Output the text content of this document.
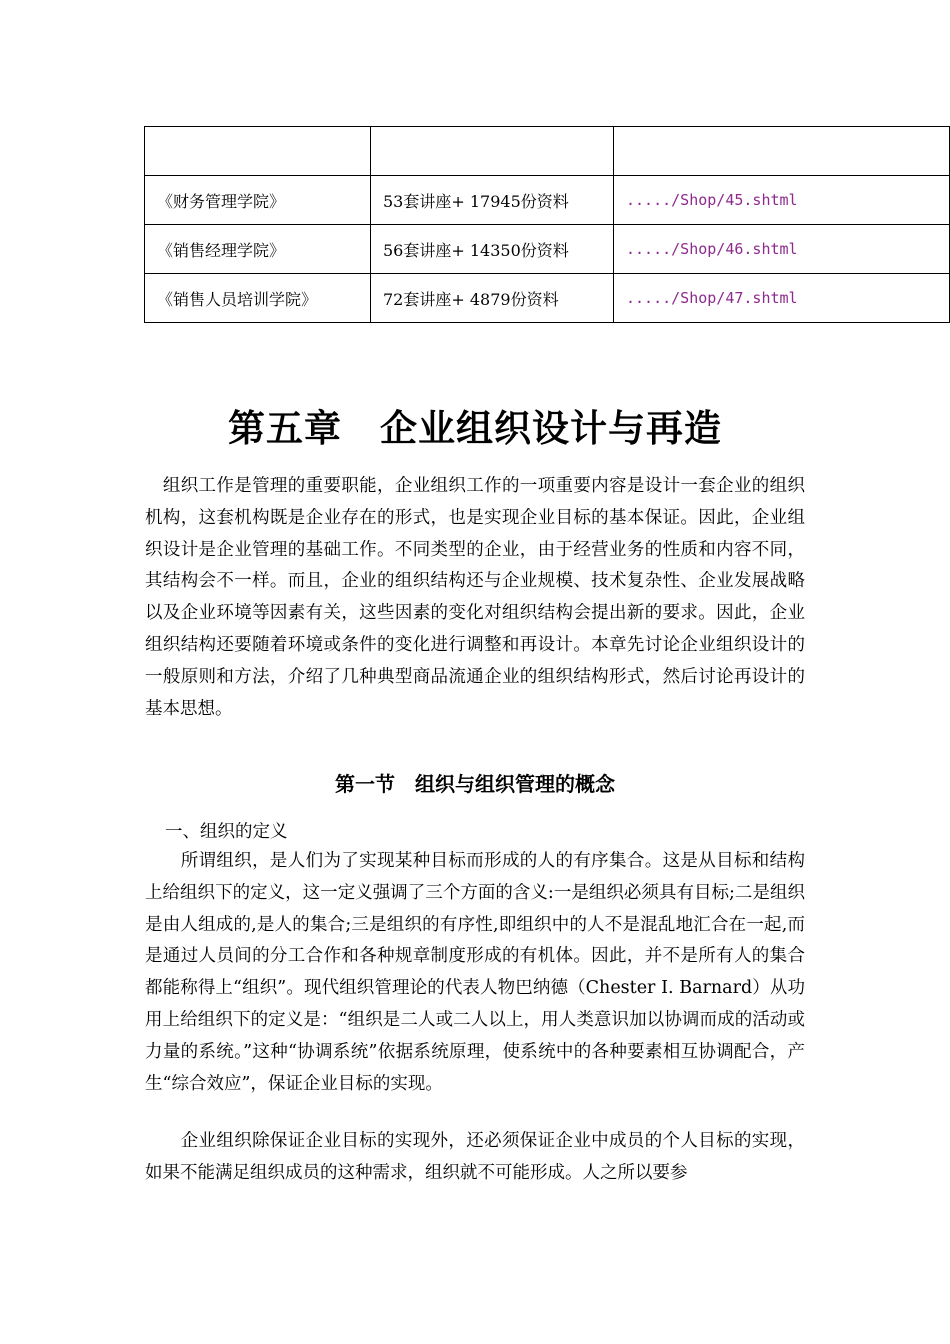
《财务管理学院》	53套讲座+ 17945份资料	...../Shop/45.shtml
《销售经理学院》	56套讲座+ 14350份资料	...../Shop/46.shtml
《销售人员培训学院》	72套讲座+ 4879份资料	...../Shop/47.shtml
第五章　企业组织设计与再造

　组织工作是管理的重要职能，企业组织工作的一项重要内容是设计一套企业的组织机构，这套机构既是企业存在的形式，也是实现企业目标的基本保证。因此，企业组织设计是企业管理的基础工作。不同类型的企业，由于经营业务的性质和内容不同，其结构会不一样。而且，企业的组织结构还与企业规模、技术复杂性、企业发展战略以及企业环境等因素有关，这些因素的变化对组织结构会提出新的要求。因此，企业组织结构还要随着环境或条件的变化进行调整和再设计。本章先讨论企业组织设计的一般原则和方法，介绍了几种典型商品流通企业的组织结构形式，然后讨论再设计的基本思想。

第一节　组织与组织管理的概念

一、组织的定义

　　所谓组织，是人们为了实现某种目标而形成的人的有序集合。这是从目标和结构上给组织下的定义，这一定义强调了三个方面的含义:一是组织必须具有目标;二是组织是由人组成的,是人的集合;三是组织的有序性,即组织中的人不是混乱地汇合在一起,而是通过人员间的分工合作和各种规章制度形成的有机体。因此，并不是所有人的集合都能称得上“组织”。现代组织管理论的代表人物巴纳德（Chester I. Barnard）从功用上给组织下的定义是：“组织是二人或二人以上，用人类意识加以协调而成的活动或力量的系统。”这种“协调系统”依据系统原理，使系统中的各种要素相互协调配合，产生“综合效应”，保证企业目标的实现。

　　企业组织除保证企业目标的实现外，还必须保证企业中成员的个人目标的实现，如果不能满足组织成员的这种需求，组织就不可能形成。人之所以要参
